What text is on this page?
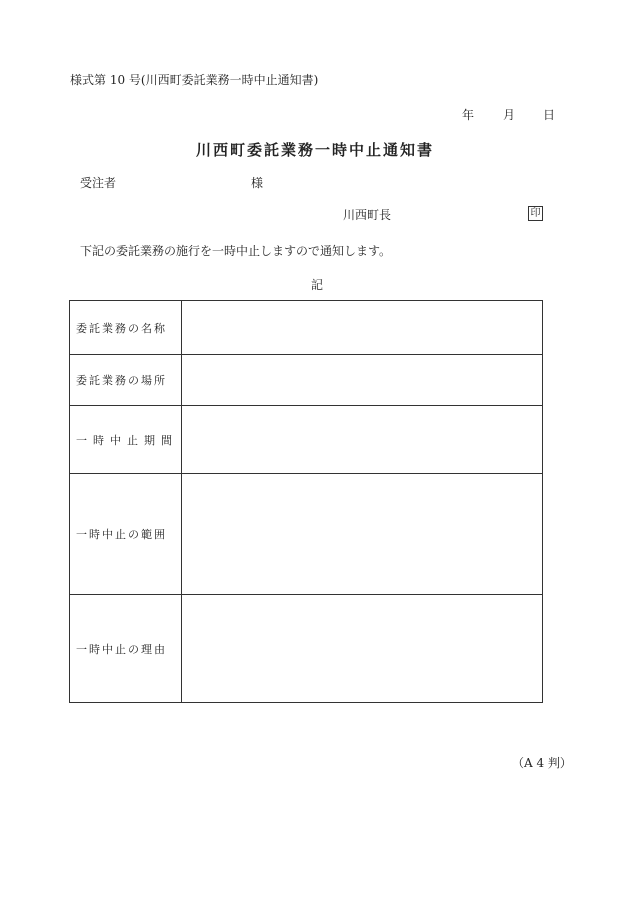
様式第 10 号(川西町委託業務一時中止通知書)
年 月 日
川西町委託業務一時中止通知書
受注者	様
川西町長	印
下記の委託業務の施行を一時中止しますので通知します。
記
委託業務の名称	
委託業務の場所	
一時中止期間	
一時中止の範囲	
一時中止の理由	
（A 4 判）
